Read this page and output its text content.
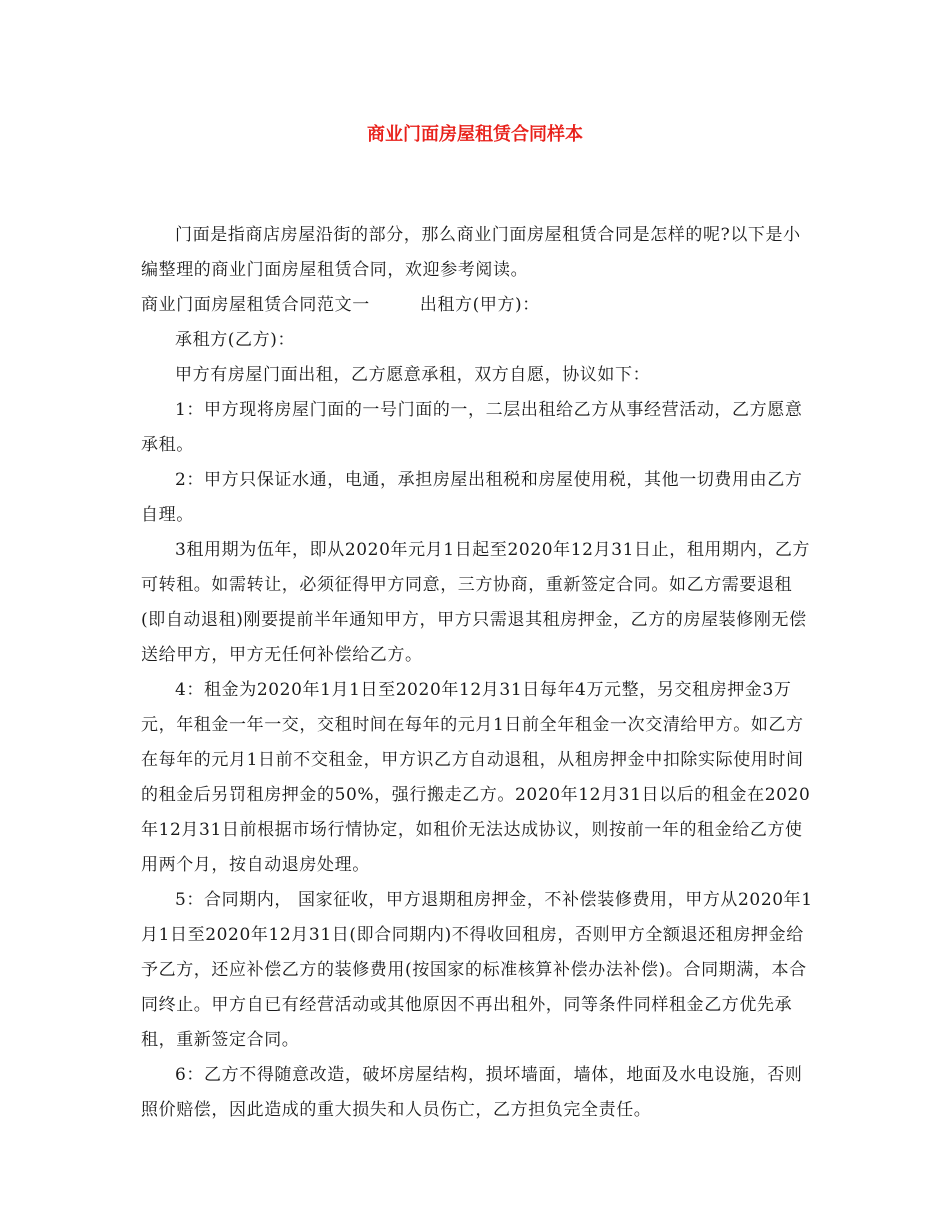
商业门面房屋租赁合同样本

门面是指商店房屋沿街的部分，那么商业门面房屋租赁合同是怎样的呢?以下是小编整理的商业门面房屋租赁合同，欢迎参考阅读。

商业门面房屋租赁合同范文一	出租方(甲方)：

承租方(乙方)：

甲方有房屋门面出租，乙方愿意承租，双方自愿，协议如下：

1：甲方现将房屋门面的一号门面的一，二层出租给乙方从事经营活动，乙方愿意承租。

2：甲方只保证水通，电通，承担房屋出租税和房屋使用税，其他一切费用由乙方自理。

3租用期为伍年，即从2020年元月1日起至2020年12月31日止，租用期内，乙方可转租。如需转让，必须征得甲方同意，三方协商，重新签定合同。如乙方需要退租(即自动退租)刚要提前半年通知甲方，甲方只需退其租房押金，乙方的房屋装修刚无偿送给甲方，甲方无任何补偿给乙方。

4：租金为2020年1月1日至2020年12月31日每年4万元整，另交租房押金3万元，年租金一年一交，交租时间在每年的元月1日前全年租金一次交清给甲方。如乙方在每年的元月1日前不交租金，甲方识乙方自动退租，从租房押金中扣除实际使用时间的租金后另罚租房押金的50%，强行搬走乙方。2020年12月31日以后的租金在2020年12月31日前根据市场行情协定，如租价无法达成协议，则按前一年的租金给乙方使用两个月，按自动退房处理。

5：合同期内， 国家征收，甲方退期租房押金，不补偿装修费用，甲方从2020年1月1日至2020年12月31日(即合同期内)不得收回租房，否则甲方全额退还租房押金给予乙方，还应补偿乙方的装修费用(按国家的标准核算补偿办法补偿)。合同期满，本合同终止。甲方自已有经营活动或其他原因不再出租外，同等条件同样租金乙方优先承租，重新签定合同。

6：乙方不得随意改造，破坏房屋结构，损坏墙面，墙体，地面及水电设施，否则照价赔偿，因此造成的重大损失和人员伤亡，乙方担负完全责任。
